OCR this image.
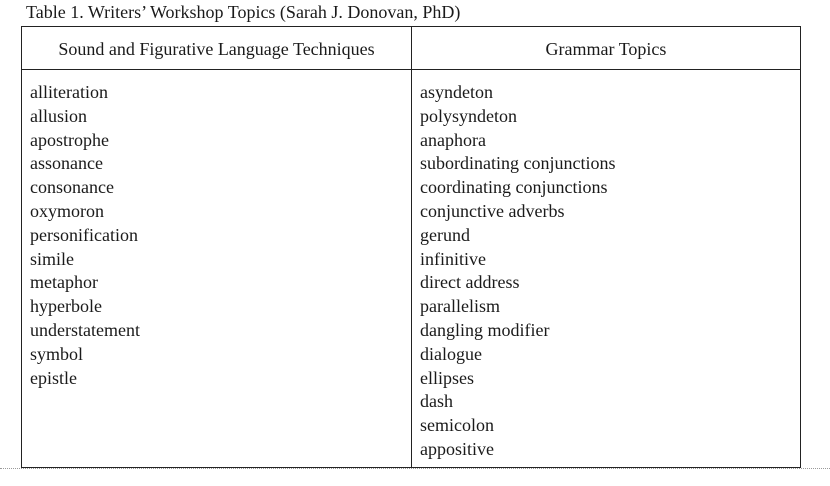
Table 1. Writers’ Workshop Topics (Sarah J. Donovan, PhD)
Sound and Figurative Language Techniques	Grammar Topics
alliteration
allusion
apostrophe
assonance
consonance
oxymoron
personification
simile
metaphor
hyperbole
understatement
symbol
epistle
asyndeton
polysyndeton
anaphora
subordinating conjunctions
coordinating conjunctions
conjunctive adverbs
gerund
infinitive
direct address
parallelism
dangling modifier
dialogue
ellipses
dash
semicolon
appositive
